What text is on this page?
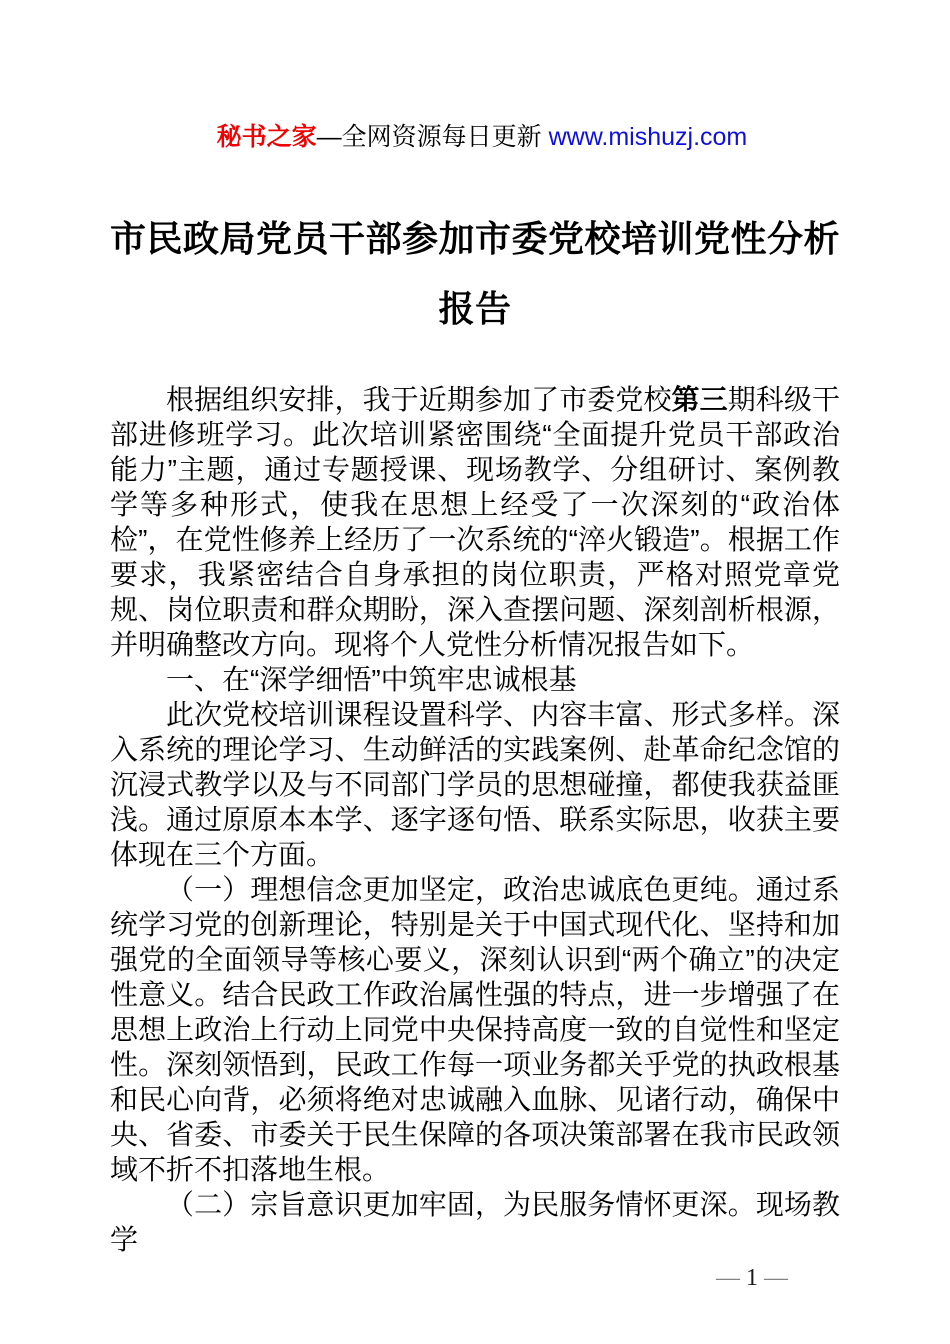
秘书之家—全网资源每日更新 www.mishuzj.com

市民政局党员干部参加市委党校培训党性分析报告

根据组织安排，我于近期参加了市委党校第三期科级干部进修班学习。此次培训紧密围绕“全面提升党员干部政治能力”主题，通过专题授课、现场教学、分组研讨、案例教学等多种形式，使我在思想上经受了一次深刻的“政治体检”，在党性修养上经历了一次系统的“淬火锻造”。根据工作要求，我紧密结合自身承担的岗位职责，严格对照党章党规、岗位职责和群众期盼，深入查摆问题、深刻剖析根源，并明确整改方向。现将个人党性分析情况报告如下。

一、在“深学细悟”中筑牢忠诚根基

此次党校培训课程设置科学、内容丰富、形式多样。深入系统的理论学习、生动鲜活的实践案例、赴革命纪念馆的沉浸式教学以及与不同部门学员的思想碰撞，都使我获益匪浅。通过原原本本学、逐字逐句悟、联系实际思，收获主要体现在三个方面。

（一）理想信念更加坚定，政治忠诚底色更纯。通过系统学习党的创新理论，特别是关于中国式现代化、坚持和加强党的全面领导等核心要义，深刻认识到“两个确立”的决定性意义。结合民政工作政治属性强的特点，进一步增强了在思想上政治上行动上同党中央保持高度一致的自觉性和坚定性。深刻领悟到，民政工作每一项业务都关乎党的执政根基和民心向背，必须将绝对忠诚融入血脉、见诸行动，确保中央、省委、市委关于民生保障的各项决策部署在我市民政领域不折不扣落地生根。

（二）宗旨意识更加牢固，为民服务情怀更深。现场教学

— 1 —
